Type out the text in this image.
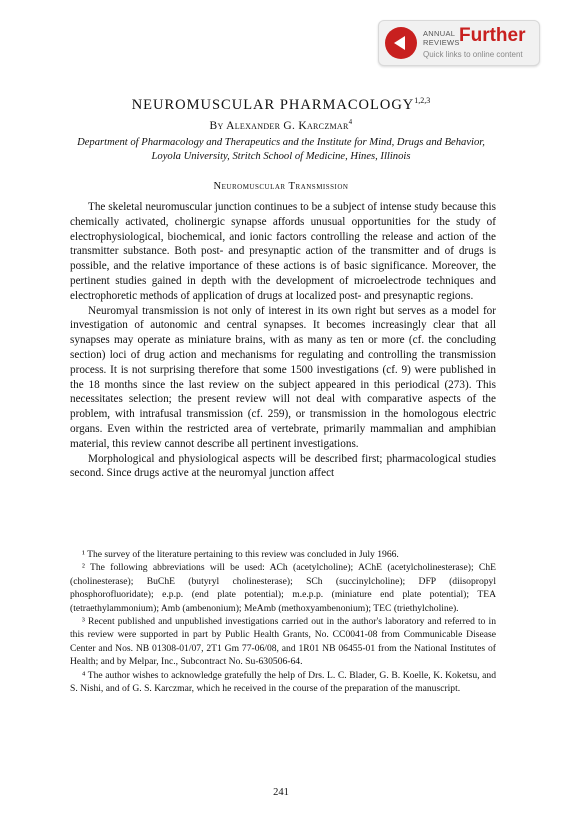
ANNUAL
REVIEWS Further
Quick links to online content
NEUROMUSCULAR PHARMACOLOGY$^{1,2,3}$
By Alexander G. Karczmar$^4$
Department of Pharmacology and Therapeutics and the Institute for Mind, Drugs and Behavior, Loyola University, Stritch School of Medicine, Hines, Illinois
Neuromuscular Transmission

The skeletal neuromuscular junction continues to be a subject of intense study because this chemically activated, cholinergic synapse affords unusual opportunities for the study of electrophysiological, biochemical, and ionic factors controlling the release and action of the transmitter substance. Both post- and presynaptic action of the transmitter and of drugs is possible, and the relative importance of these actions is of basic significance. Moreover, the pertinent studies gained in depth with the development of microelectrode techniques and electrophoretic methods of application of drugs at localized post- and presynaptic regions.

Neuromyal transmission is not only of interest in its own right but serves as a model for investigation of autonomic and central synapses. It becomes increasingly clear that all synapses may operate as miniature brains, with as many as ten or more (cf. the concluding section) loci of drug action and mechanisms for regulating and controlling the transmission process. It is not surprising therefore that some 1500 investigations (cf. 9) were published in the 18 months since the last review on the subject appeared in this periodical (273). This necessitates selection; the present review will not deal with comparative aspects of the problem, with intrafusal transmission (cf. 259), or transmission in the homologous electric organs. Even within the restricted area of vertebrate, primarily mammalian and amphibian material, this review cannot describe all pertinent investigations.

Morphological and physiological aspects will be described first; pharmacological studies second. Since drugs active at the neuromyal junction affect

¹ The survey of the literature pertaining to this review was concluded in July 1966.

² The following abbreviations will be used: ACh (acetylcholine); AChE (acetylcholinesterase); ChE (cholinesterase); BuChE (butyryl cholinesterase); SCh (succinylcholine); DFP (diisopropyl phosphorofluoridate); e.p.p. (end plate potential); m.e.p.p. (miniature end plate potential); TEA (tetraethylammonium); Amb (ambenonium); MeAmb (methoxyambenonium); TEC (triethylcholine).

³ Recent published and unpublished investigations carried out in the author's laboratory and referred to in this review were supported in part by Public Health Grants, No. CC0041-08 from Communicable Disease Center and Nos. NB 01308-01/07, 2T1 Gm 77-06/08, and 1R01 NB 06455-01 from the National Institutes of Health; and by Melpar, Inc., Subcontract No. Su-630506-64.

⁴ The author wishes to acknowledge gratefully the help of Drs. L. C. Blader, G. B. Koelle, K. Koketsu, and S. Nishi, and of G. S. Karczmar, which he received in the course of the preparation of the manuscript.

241
